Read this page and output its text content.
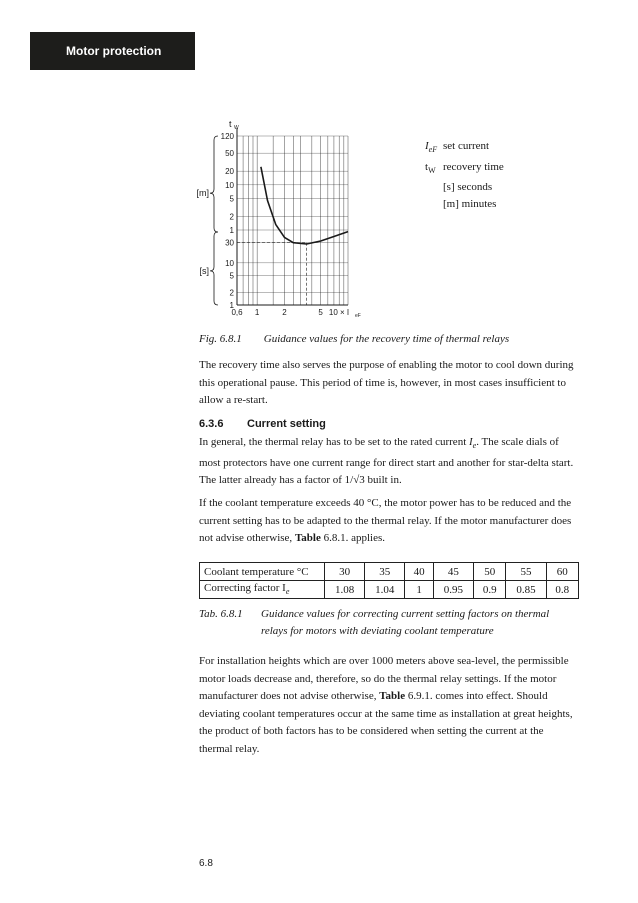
Motor protection
120
50
20
10
5
2
1
30
10
5
2
1
t W
0,6 1	2	5 10 × I eF
[m]
[s]
$I_{eF}$ set current
$t_W$ recovery time
[s] seconds
[m] minutes
Fig. 6.8.1 Guidance values for the recovery time of thermal relays
The recovery time also serves the purpose of enabling the motor to cool down during this operational pause. This period of time is, however, in most cases insufficient to allow a re-start.
6.3.6 Current setting
In general, the thermal relay has to be set to the rated current $I_e$. The scale dials of most protectors have one current range for direct start and another for star-delta start. The latter already has a factor of 1/√3 built in.
If the coolant temperature exceeds 40 °C, the motor power has to be reduced and the current setting has to be adapted to the thermal relay. If the motor manufacturer does not advise otherwise, Table 6.8.1. applies.
Coolant temperature °C	30	35	40	45	50	55	60
Correcting factor $I_e$	1.08	1.04	1	0.95	0.9	0.85	0.8
Tab. 6.8.1 Guidance values for correcting current setting factors on thermal relays for motors with deviating coolant temperature
For installation heights which are over 1000 meters above sea-level, the permissible motor loads decrease and, therefore, so do the thermal relay settings. If the motor manufacturer does not advise otherwise, Table 6.9.1. comes into effect. Should deviating coolant temperatures occur at the same time as installation at great heights, the product of both factors has to be considered when setting the current at the thermal relay.
6.8
